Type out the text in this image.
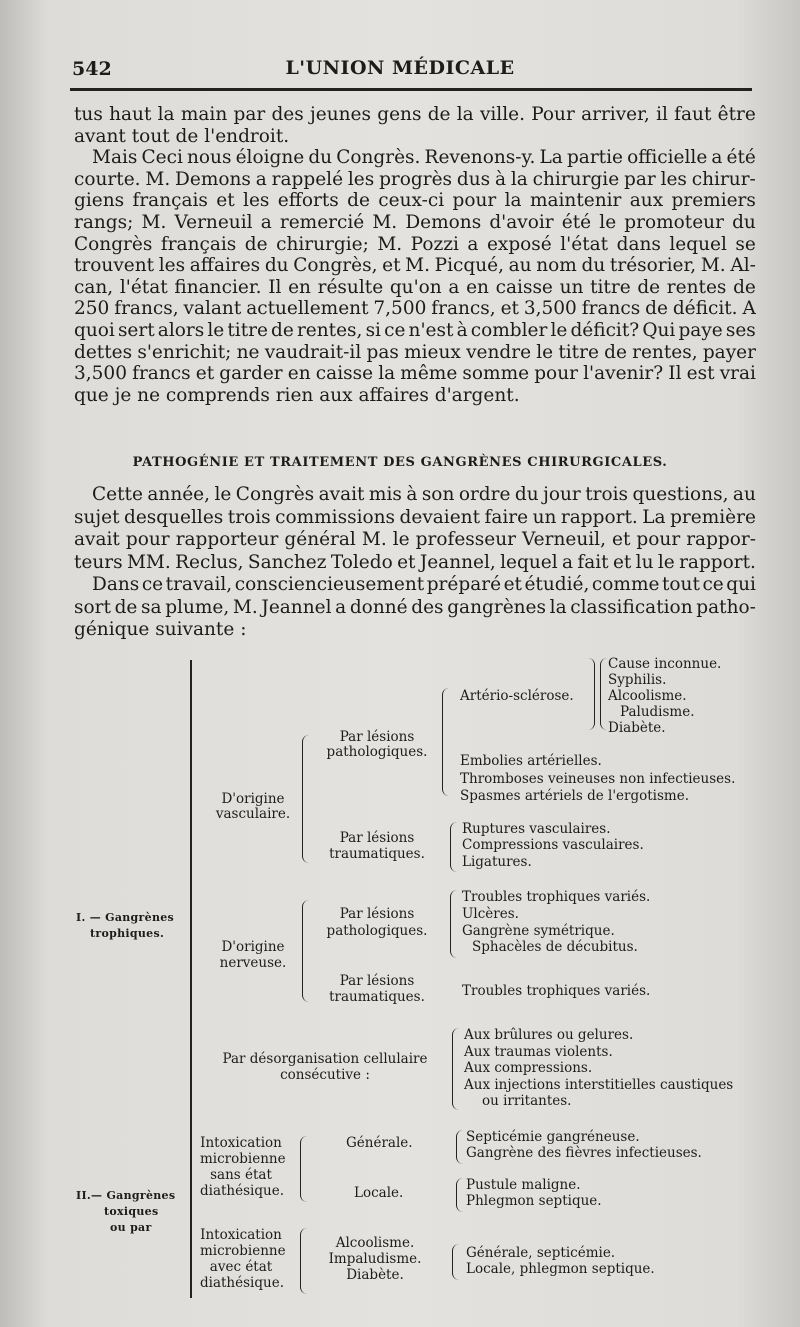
542	L'UNION MÉDICALE
tus haut la main par des jeunes gens de la ville. Pour arriver, il faut être
avant tout de l'endroit.
Mais Ceci nous éloigne du Congrès. Revenons-y. La partie officielle a été
courte. M. Demons a rappelé les progrès dus à la chirurgie par les chirur-
giens français et les efforts de ceux-ci pour la maintenir aux premiers
rangs; M. Verneuil a remercié M. Demons d'avoir été le promoteur du
Congrès français de chirurgie; M. Pozzi a exposé l'état dans lequel se
trouvent les affaires du Congrès, et M. Picqué, au nom du trésorier, M. Al-
can, l'état financier. Il en résulte qu'on a en caisse un titre de rentes de
250 francs, valant actuellement 7,500 francs, et 3,500 francs de déficit. A
quoi sert alors le titre de rentes, si ce n'est à combler le déficit? Qui paye ses
dettes s'enrichit; ne vaudrait-il pas mieux vendre le titre de rentes, payer
3,500 francs et garder en caisse la même somme pour l'avenir? Il est vrai
que je ne comprends rien aux affaires d'argent.
PATHOGÉNIE ET TRAITEMENT DES GANGRÈNES CHIRURGICALES.
Cette année, le Congrès avait mis à son ordre du jour trois questions, au
sujet desquelles trois commissions devaient faire un rapport. La première
avait pour rapporteur général M. le professeur Verneuil, et pour rappor-
teurs MM. Reclus, Sanchez Toledo et Jeannel, lequel a fait et lu le rapport.
Dans ce travail, consciencieusement préparé et étudié, comme tout ce qui
sort de sa plume, M. Jeannel a donné des gangrènes la classification patho-
génique suivante :
I. — Gangrènes
trophiques.
D'origine
vasculaire.
Par lésions
pathologiques.
Artério-sclérose.
Cause inconnue.
Syphilis.
Alcoolisme.
Paludisme.
Diabète.
Embolies artérielles.
Thromboses veineuses non infectieuses.
Spasmes artériels de l'ergotisme.
Par lésions
traumatiques.
Ruptures vasculaires.
Compressions vasculaires.
Ligatures.
D'origine
nerveuse.
Par lésions
pathologiques.
Troubles trophiques variés.
Ulcères.
Gangrène symétrique.
Sphacèles de décubitus.
Par lésions
traumatiques.	Troubles trophiques variés.
Par désorganisation cellulaire
consécutive :
Aux brûlures ou gelures.
Aux traumas violents.
Aux compressions.
Aux injections interstitielles caustiques
ou irritantes.
II.— Gangrènes
toxiques
ou par
Intoxication
microbienne
sans état
diathésique.
Générale.
Locale.
Septicémie gangréneuse.
Gangrène des fièvres infectieuses.
Pustule maligne.
Phlegmon septique.
Intoxication
microbienne
avec état
diathésique.
Alcoolisme.
Impaludisme.
Diabète.
Générale, septicémie.
Locale, phlegmon septique.
